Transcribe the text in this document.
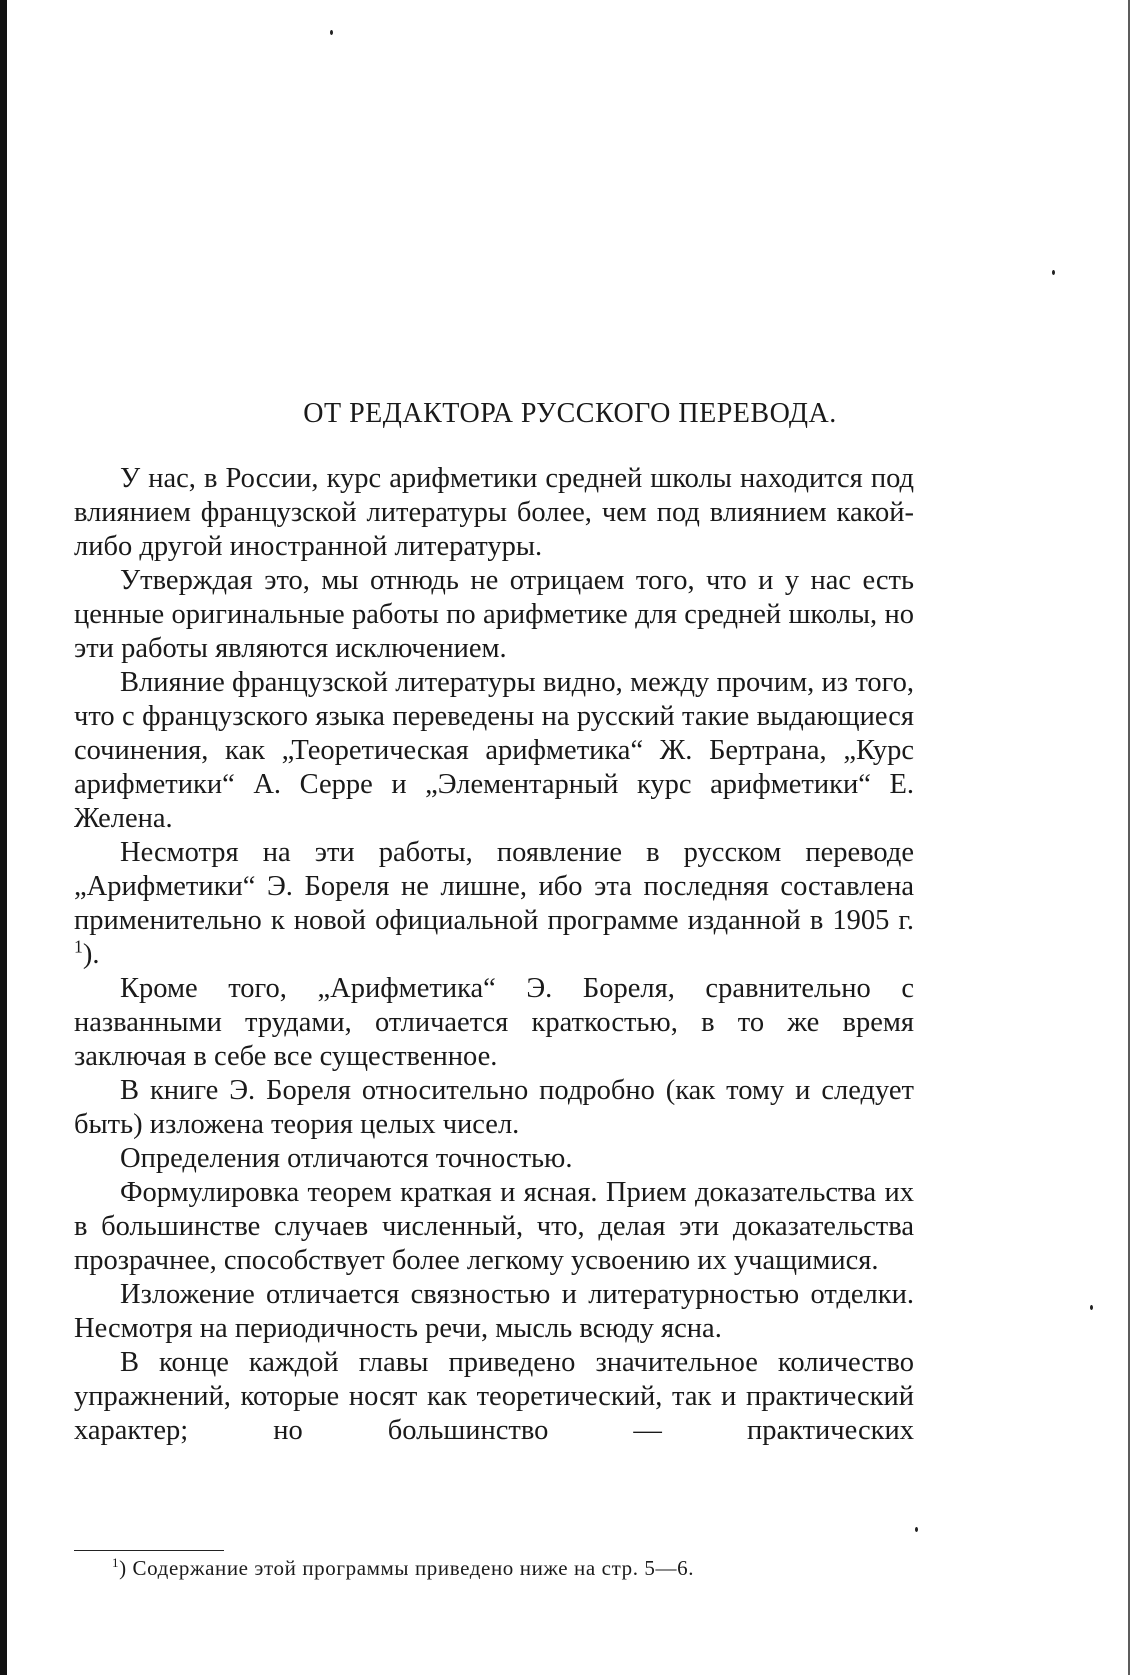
ОТ РЕДАКТОРА РУССКОГО ПЕРЕВОДА.

У нас, в России, курс арифметики средней школы находится под влиянием французской литературы более, чем под влиянием какой-либо другой иностранной литературы.

Утверждая это, мы отнюдь не отрицаем того, что и у нас есть ценные оригинальные работы по арифметике для средней школы, но эти работы являются исключением.

Влияние французской литературы видно, между прочим, из того, что с французского языка переведены на русский такие выдающиеся сочинения, как „Теоретическая арифметика“ Ж. Бертрана, „Курс арифметики“ А. Серре и „Элементарный курс арифметики“ Е. Желена.

Несмотря на эти работы, появление в русском переводе „Арифметики“ Э. Бореля не лишне, ибо эта последняя составлена применительно к новой официальной программе изданной в 1905 г. $^1$).

Кроме того, „Арифметика“ Э. Бореля, сравнительно с названными трудами, отличается краткостью, в то же время заключая в себе все существенное.

В книге Э. Бореля относительно подробно (как тому и следует быть) изложена теория целых чисел.

Определения отличаются точностью.

Формулировка теорем краткая и ясная. Прием доказательства их в большинстве случаев численный, что, делая эти доказательства прозрачнее, способствует более легкому усвоению их учащимися.

Изложение отличается связностью и литературностью отделки. Несмотря на периодичность речи, мысль всюду ясна.

В конце каждой главы приведено значительное количество упражнений, которые носят как теоретический, так и практический характер; но большинство — практических

$^1$) Содержание этой программы приведено ниже на стр. 5—6.
